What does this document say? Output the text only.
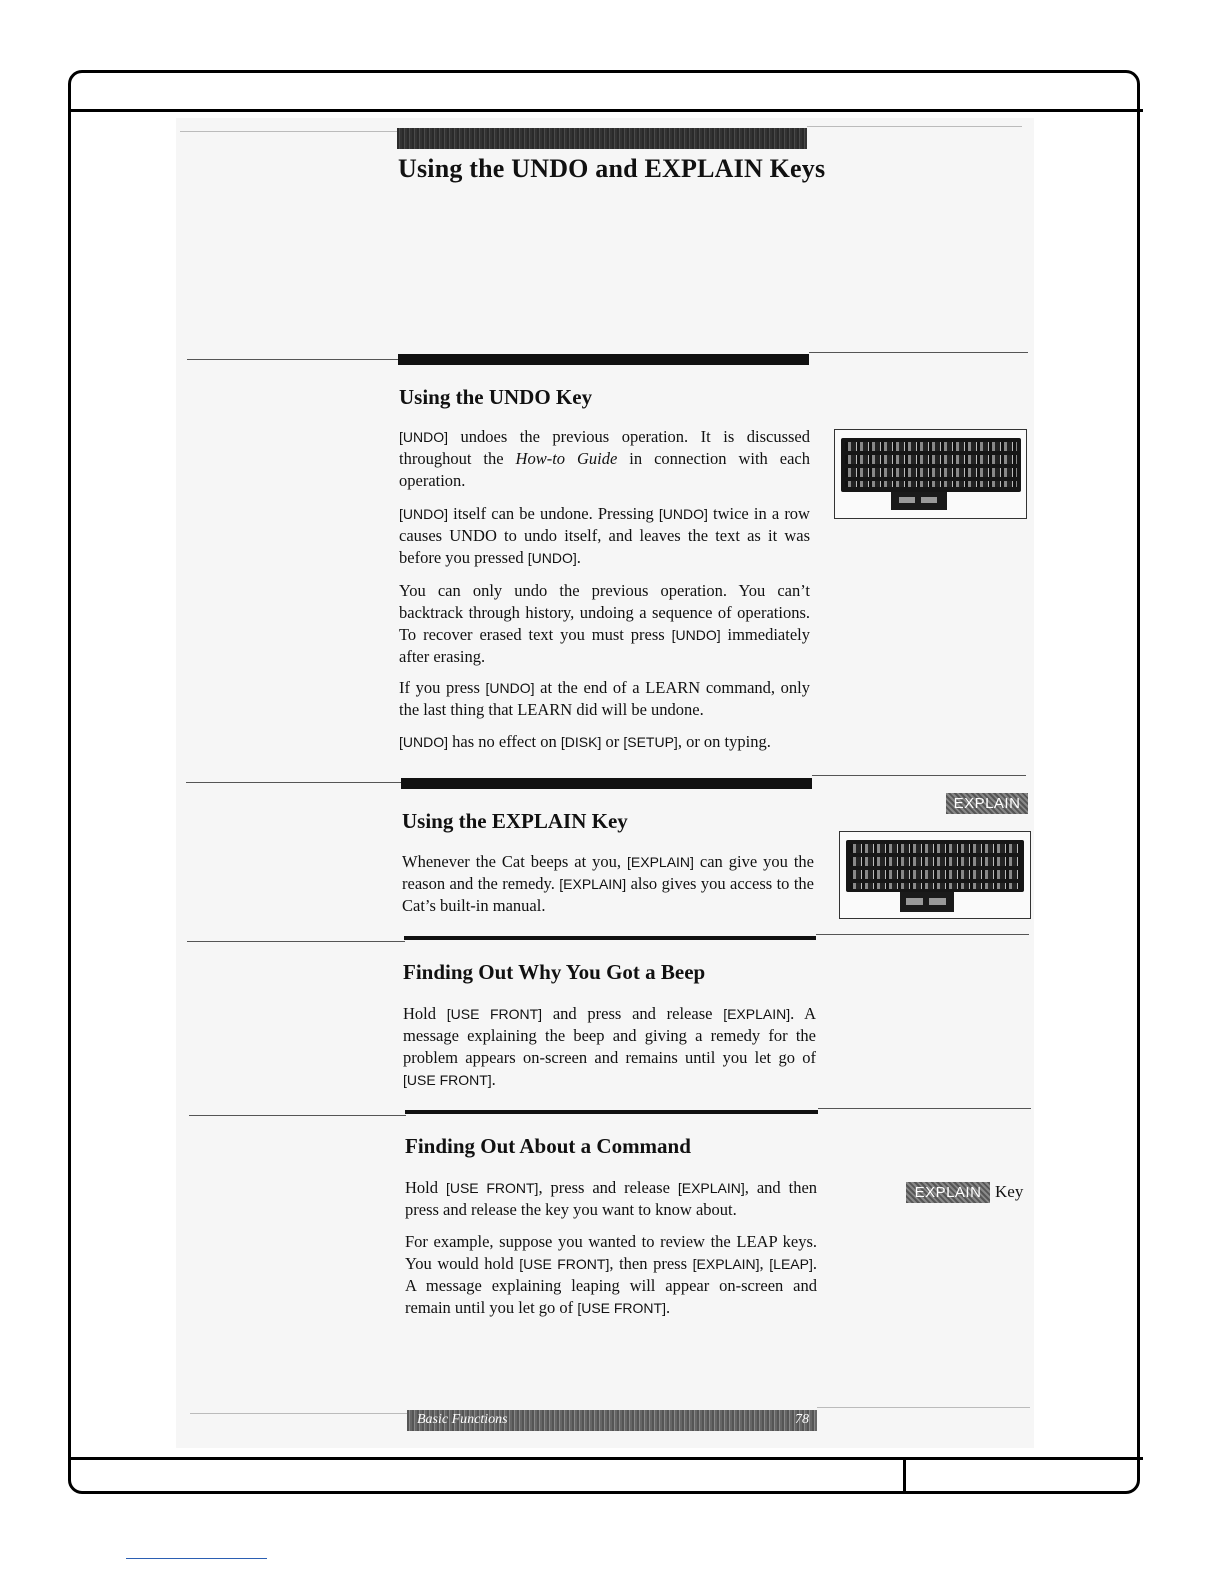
Using the UNDO and EXPLAIN Keys
Using the UNDO Key

[UNDO] undoes the previous operation. It is discussed throughout the How-to Guide in connection with each operation.

[UNDO] itself can be undone. Pressing [UNDO] twice in a row causes UNDO to undo itself, and leaves the text as it was before you pressed [UNDO].

You can only undo the previous operation. You can’t backtrack through history, undoing a sequence of operations. To recover erased text you must press [UNDO] immediately after erasing.

If you press [UNDO] at the end of a LEARN command, only the last thing that LEARN did will be undone.

[UNDO] has no effect on [DISK] or [SETUP], or on typing.

EXPLAIN
Using the EXPLAIN Key

Whenever the Cat beeps at you, [EXPLAIN] can give you the reason and the remedy. [EXPLAIN] also gives you access to the Cat’s built-in manual.

Finding Out Why You Got a Beep

Hold [USE FRONT] and press and release [EXPLAIN]. A message explaining the beep and giving a remedy for the problem appears on-screen and remains until you let go of [USE FRONT].

Finding Out About a Command
EXPLAIN Key

Hold [USE FRONT], press and release [EXPLAIN], and then press and release the key you want to know about.

For example, suppose you wanted to review the LEAP keys. You would hold [USE FRONT], then press [EXPLAIN], [LEAP]. A message explaining leaping will appear on-screen and remain until you let go of [USE FRONT].

Basic Functions	78
